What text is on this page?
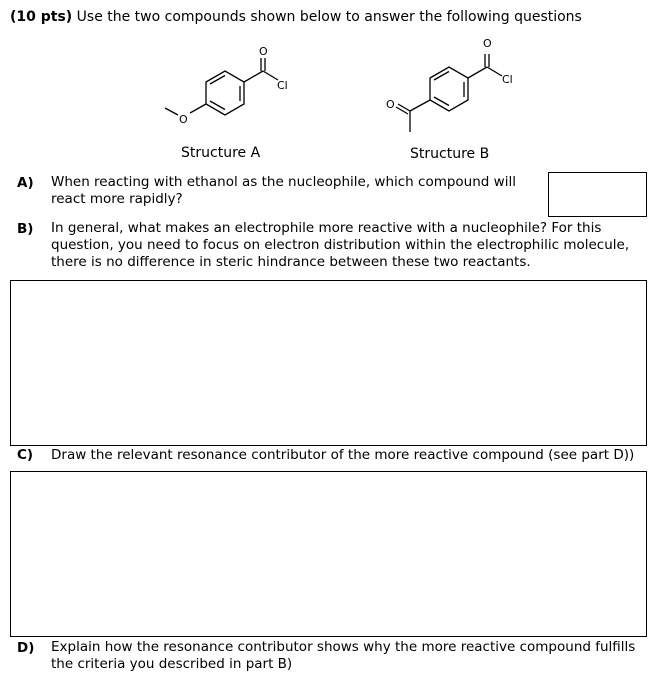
(10 pts) Use the two compounds shown below to answer the following questions
O
Cl
O
O
Cl
O
Structure A	Structure B
A) When reacting with ethanol as the nucleophile, which compound will react more rapidly?
B) In general, what makes an electrophile more reactive with a nucleophile? For this question, you need to focus on electron distribution within the electrophilic molecule, there is no difference in steric hindrance between these two reactants.
C) Draw the relevant resonance contributor of the more reactive compound (see part D))
D) Explain how the resonance contributor shows why the more reactive compound fulfills the criteria you described in part B)
